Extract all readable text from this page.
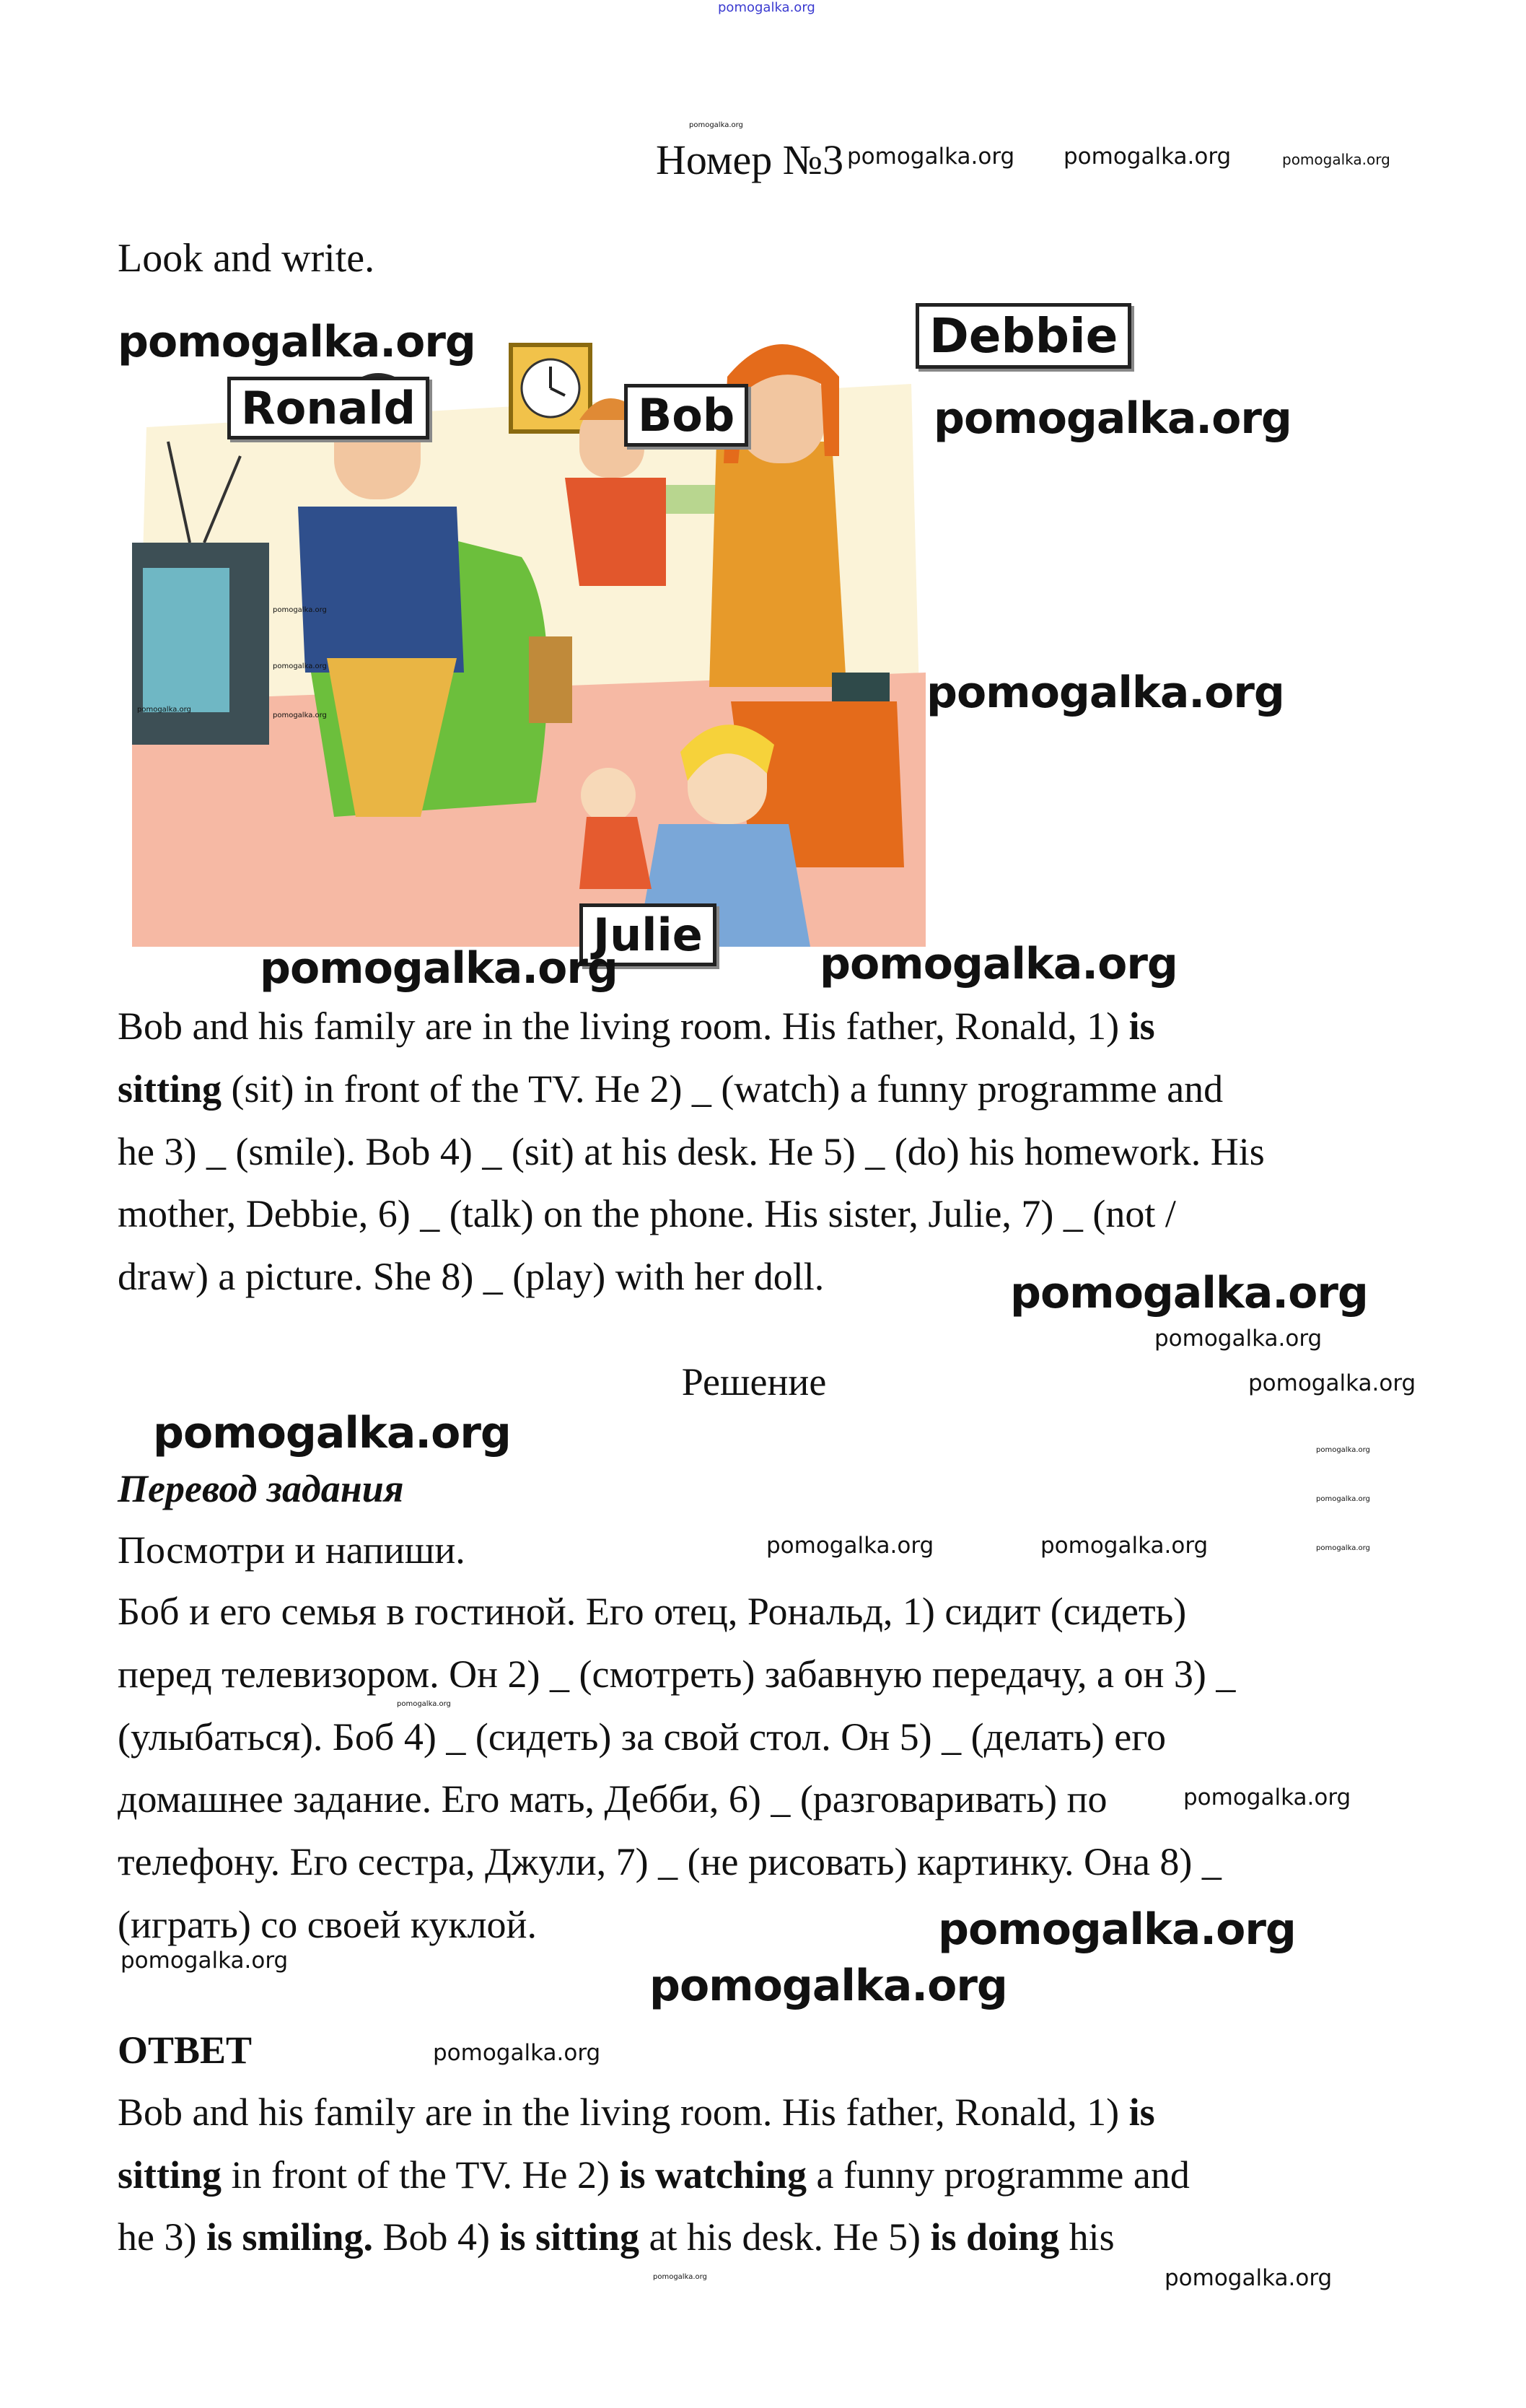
pomogalka.org
Номер №3
Look and write.
Ronald	Bob
Debbie
Julie
Bob and his family are in the living room. His father, Ronald, 1) is
sitting (sit) in front of the TV. He 2) _ (watch) a funny programme and
he 3) _ (smile). Bob 4) _ (sit) at his desk. He 5) _ (do) his homework. His
mother, Debbie, 6) _ (talk) on the phone. His sister, Julie, 7) _ (not /
draw) a picture. She 8) _ (play) with her doll.
Решение
Перевод задания
Посмотри и напиши.
Боб и его семья в гостиной. Его отец, Рональд, 1) сидит (сидеть)
перед телевизором. Он 2) _ (смотреть) забавную передачу, а он 3) _
(улыбаться). Боб 4) _ (сидеть) за свой стол. Он 5) _ (делать) его
домашнее задание. Его мать, Дебби, 6) _ (разговаривать) по
телефону. Его сестра, Джули, 7) _ (не рисовать) картинку. Она 8) _
(играть) со своей куклой.
ОТВЕТ
Bob and his family are in the living room. His father, Ronald, 1) is
sitting in front of the TV. He 2) is watching a funny programme and
he 3) is smiling. Bob 4) is sitting at his desk. He 5) is doing his
pomogalka.org
pomogalka.org
pomogalka.org
pomogalka.org	pomogalka.org
pomogalka.org
pomogalka.org
pomogalka.org
pomogalka.org
pomogalka.org pomogalka.org	pomogalka.org
pomogalka.org
pomogalka.org
pomogalka.org	pomogalka.org
pomogalka.org
pomogalka.org
pomogalka.org
pomogalka.org
pomogalka.org
pomogalka.org
pomogalka.org
pomogalka.org
pomogalka.org
pomogalka.org
pomogalka.org
pomogalka.org
pomogalka.org
pomogalka.org
